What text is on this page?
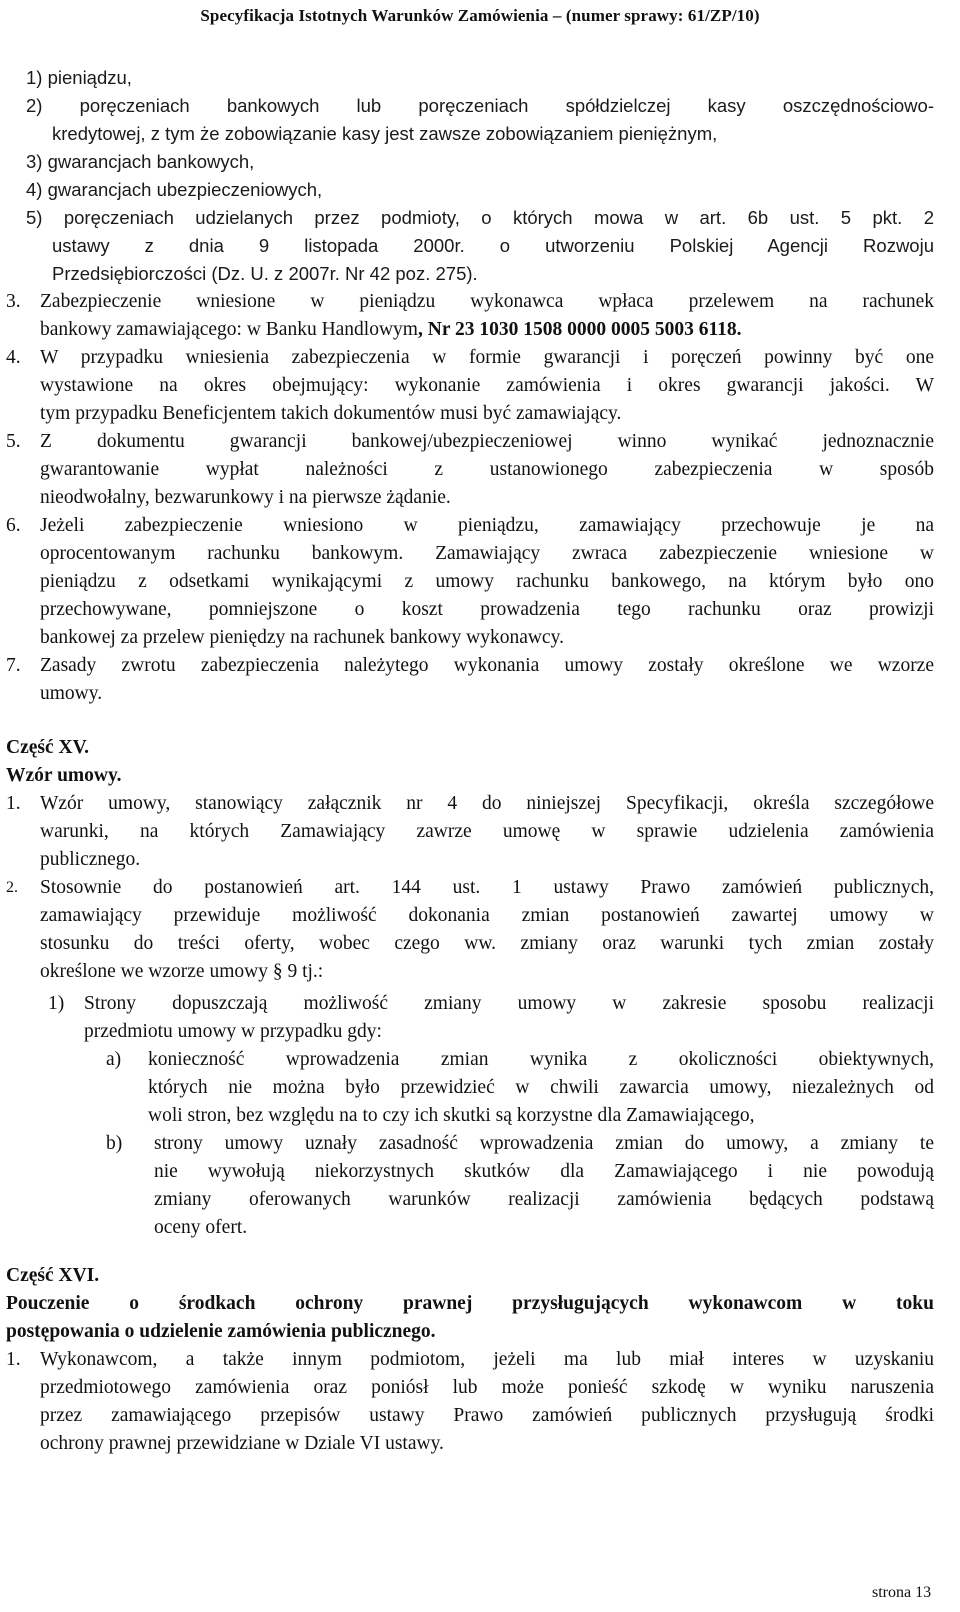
Specyfikacja Istotnych Warunków Zamówienia – (numer sprawy: 61/ZP/10)
1) pieniądzu,
2) poręczeniach bankowych lub poręczeniach spółdzielczej kasy oszczędnościowo-
kredytowej, z tym że zobowiązanie kasy jest zawsze zobowiązaniem pieniężnym,
3) gwarancjach bankowych,
4) gwarancjach ubezpieczeniowych,
5) poręczeniach udzielanych przez podmioty, o których mowa w art. 6b ust. 5 pkt. 2
ustawy z dnia 9 listopada 2000r. o utworzeniu Polskiej Agencji Rozwoju
Przedsiębiorczości (Dz. U. z 2007r. Nr 42 poz. 275).
3. Zabezpieczenie wniesione w pieniądzu wykonawca wpłaca przelewem na rachunek
bankowy zamawiającego: w Banku Handlowym, Nr 23 1030 1508 0000 0005 5003 6118.
4. W przypadku wniesienia zabezpieczenia w formie gwarancji i poręczeń powinny być one
wystawione na okres obejmujący: wykonanie zamówienia i okres gwarancji jakości. W
tym przypadku Beneficjentem takich dokumentów musi być zamawiający.
5. Z dokumentu gwarancji bankowej/ubezpieczeniowej winno wynikać jednoznacznie
gwarantowanie wypłat należności z ustanowionego zabezpieczenia w sposób
nieodwołalny, bezwarunkowy i na pierwsze żądanie.
6. Jeżeli zabezpieczenie wniesiono w pieniądzu, zamawiający przechowuje je na
oprocentowanym rachunku bankowym. Zamawiający zwraca zabezpieczenie wniesione w
pieniądzu z odsetkami wynikającymi z umowy rachunku bankowego, na którym było ono
przechowywane, pomniejszone o koszt prowadzenia tego rachunku oraz prowizji
bankowej za przelew pieniędzy na rachunek bankowy wykonawcy.
7. Zasady zwrotu zabezpieczenia należytego wykonania umowy zostały określone we wzorze
umowy.
Część XV.
Wzór umowy.
1. Wzór umowy, stanowiący załącznik nr 4 do niniejszej Specyfikacji, określa szczegółowe
warunki, na których Zamawiający zawrze umowę w sprawie udzielenia zamówienia
publicznego.
2. Stosownie do postanowień art. 144 ust. 1 ustawy Prawo zamówień publicznych,
zamawiający przewiduje możliwość dokonania zmian postanowień zawartej umowy w
stosunku do treści oferty, wobec czego ww. zmiany oraz warunki tych zmian zostały
określone we wzorze umowy § 9 tj.:
1) Strony dopuszczają możliwość zmiany umowy w zakresie sposobu realizacji
przedmiotu umowy w przypadku gdy:
a) konieczność wprowadzenia zmian wynika z okoliczności obiektywnych,
których nie można było przewidzieć w chwili zawarcia umowy, niezależnych od
woli stron, bez względu na to czy ich skutki są korzystne dla Zamawiającego,
b) strony umowy uznały zasadność wprowadzenia zmian do umowy, a zmiany te
nie wywołują niekorzystnych skutków dla Zamawiającego i nie powodują
zmiany oferowanych warunków realizacji zamówienia będących podstawą
oceny ofert.
Część XVI.
Pouczenie o środkach ochrony prawnej przysługujących wykonawcom w toku
postępowania o udzielenie zamówienia publicznego.
1. Wykonawcom, a także innym podmiotom, jeżeli ma lub miał interes w uzyskaniu
przedmiotowego zamówienia oraz poniósł lub może ponieść szkodę w wyniku naruszenia
przez zamawiającego przepisów ustawy Prawo zamówień publicznych przysługują środki
ochrony prawnej przewidziane w Dziale VI ustawy.
strona 13
